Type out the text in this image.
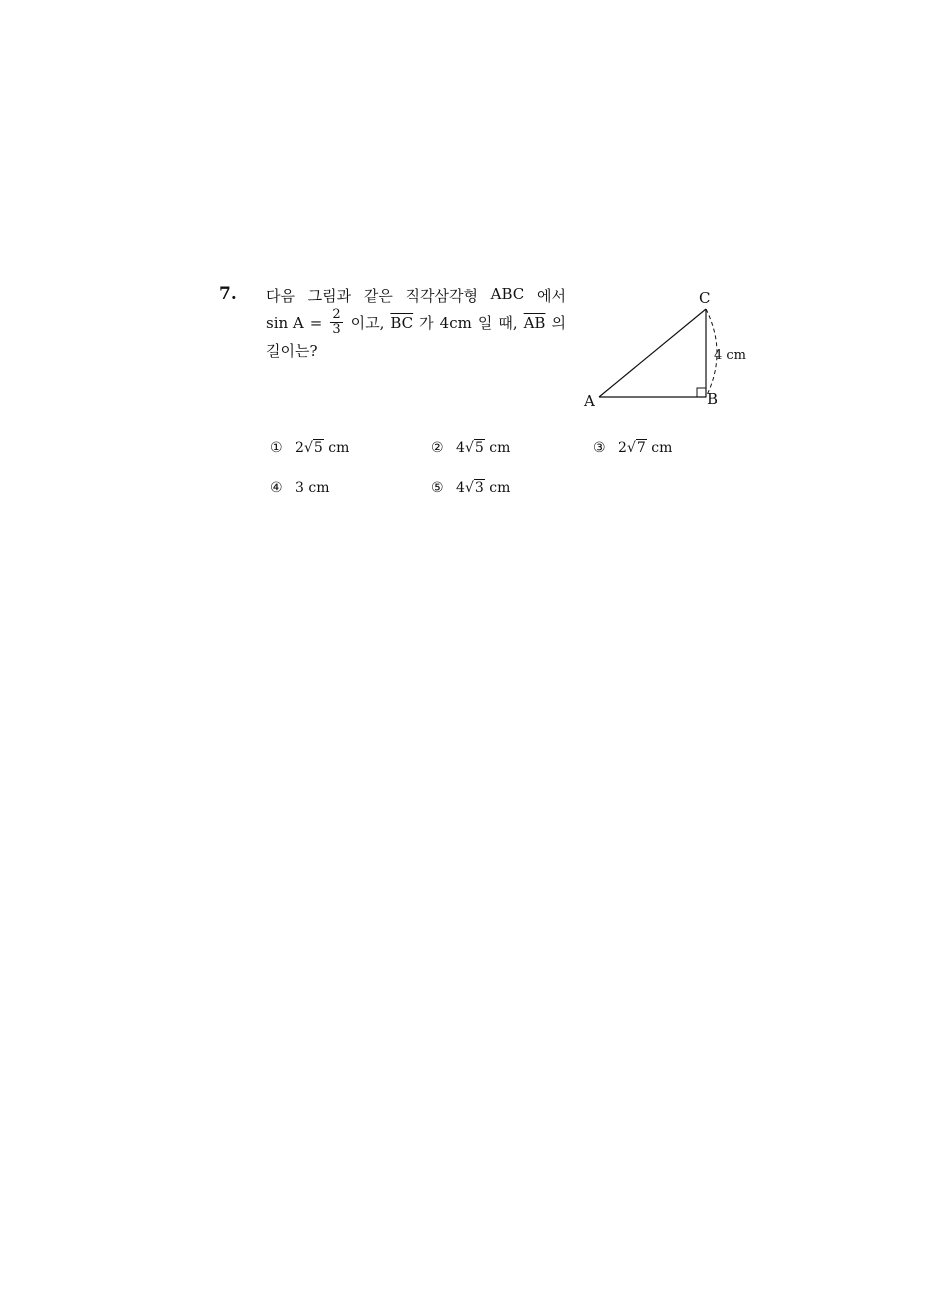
7. 다음 그림과 같은 직각삼각형 ABC 에서
$\sin A = \frac{2}{3}$ 이고, $\overline{BC}$ 가 4cm 일 때, $\overline{AB}$ 의
길이는?
A	B
C
4 cm
① 2√5 cm	② 4√5 cm	③ 2√7 cm
④ 3 cm	⑤ 4√3 cm
